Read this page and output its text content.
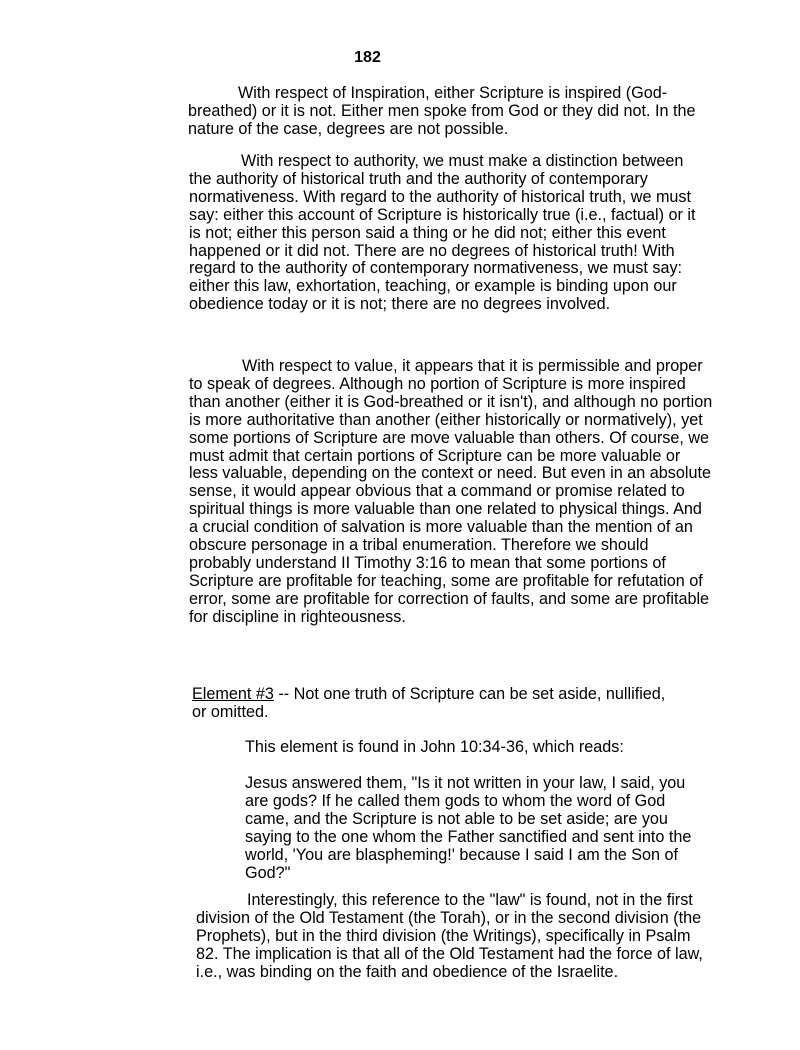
182

With respect of Inspiration, either Scripture is inspired (God-breathed) or it is not. Either men spoke from God or they did not. In the nature of the case, degrees are not possible.

With respect to authority, we must make a distinction between the authority of historical truth and the authority of contemporary normativeness. With regard to the authority of historical truth, we must say: either this account of Scripture is historically true (i.e., factual) or it is not; either this person said a thing or he did not; either this event happened or it did not. There are no degrees of historical truth! With regard to the authority of contemporary normativeness, we must say: either this law, exhortation, teaching, or example is binding upon our obedience today or it is not; there are no degrees involved.

With respect to value, it appears that it is permissible and proper to speak of degrees. Although no portion of Scripture is more inspired than another (either it is God-breathed or it isn't), and although no portion is more authoritative than another (either historically or normatively), yet some portions of Scripture are move valuable than others. Of course, we must admit that certain portions of Scripture can be more valuable or less valuable, depending on the context or need. But even in an absolute sense, it would appear obvious that a command or promise related to spiritual things is more valuable than one related to physical things. And a crucial condition of salvation is more valuable than the mention of an obscure personage in a tribal enumeration. Therefore we should probably understand II Timothy 3:16 to mean that some portions of Scripture are profitable for teaching, some are profitable for refutation of error, some are profitable for correction of faults, and some are profitable for discipline in righteousness.

Element #3 -- Not one truth of Scripture can be set aside, nullified, or omitted.

This element is found in John 10:34-36, which reads:

Jesus answered them, "Is it not written in your law, I said, you are gods? If he called them gods to whom the word of God came, and the Scripture is not able to be set aside; are you saying to the one whom the Father sanctified and sent into the world, 'You are blaspheming!' because I said I am the Son of God?"

Interestingly, this reference to the "law" is found, not in the first division of the Old Testament (the Torah), or in the second division (the Prophets), but in the third division (the Writings), specifically in Psalm 82. The implication is that all of the Old Testament had the force of law, i.e., was binding on the faith and obedience of the Israelite.
